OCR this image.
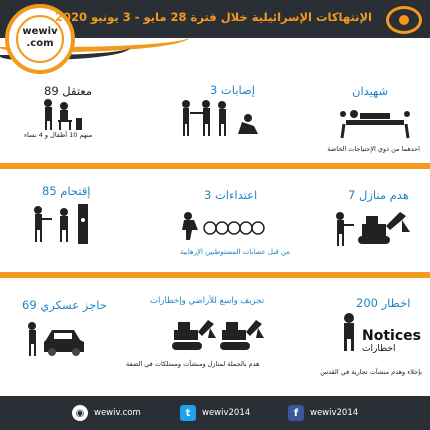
wewiv
.com
الإنتهاكات الإسرائيلية خلال فترة 28 مايو - 3 يونيو 2020
شهيدان
احدهما من ذوي الإحتياجات الخاصة
3 إصابات
89 معتقل
منهم 10 أطفال و 4 نساء
7 هدم منازل
3 اعتداءات
من قبل عصابات المستوطنين الإرهابية
85 إقتحام
200 اخطار
Notices
اخطارات
بإخلاء وهدم منشآت تجارية في القدس
تجريف واسع للأراضي وإخطارات
هدم بالجملة لمنازل ومنشآت وممتلكات في الضفة
69 حاجز عسكري
◉	wewiv.com	t	wewiv2014	f	wewiv2014
